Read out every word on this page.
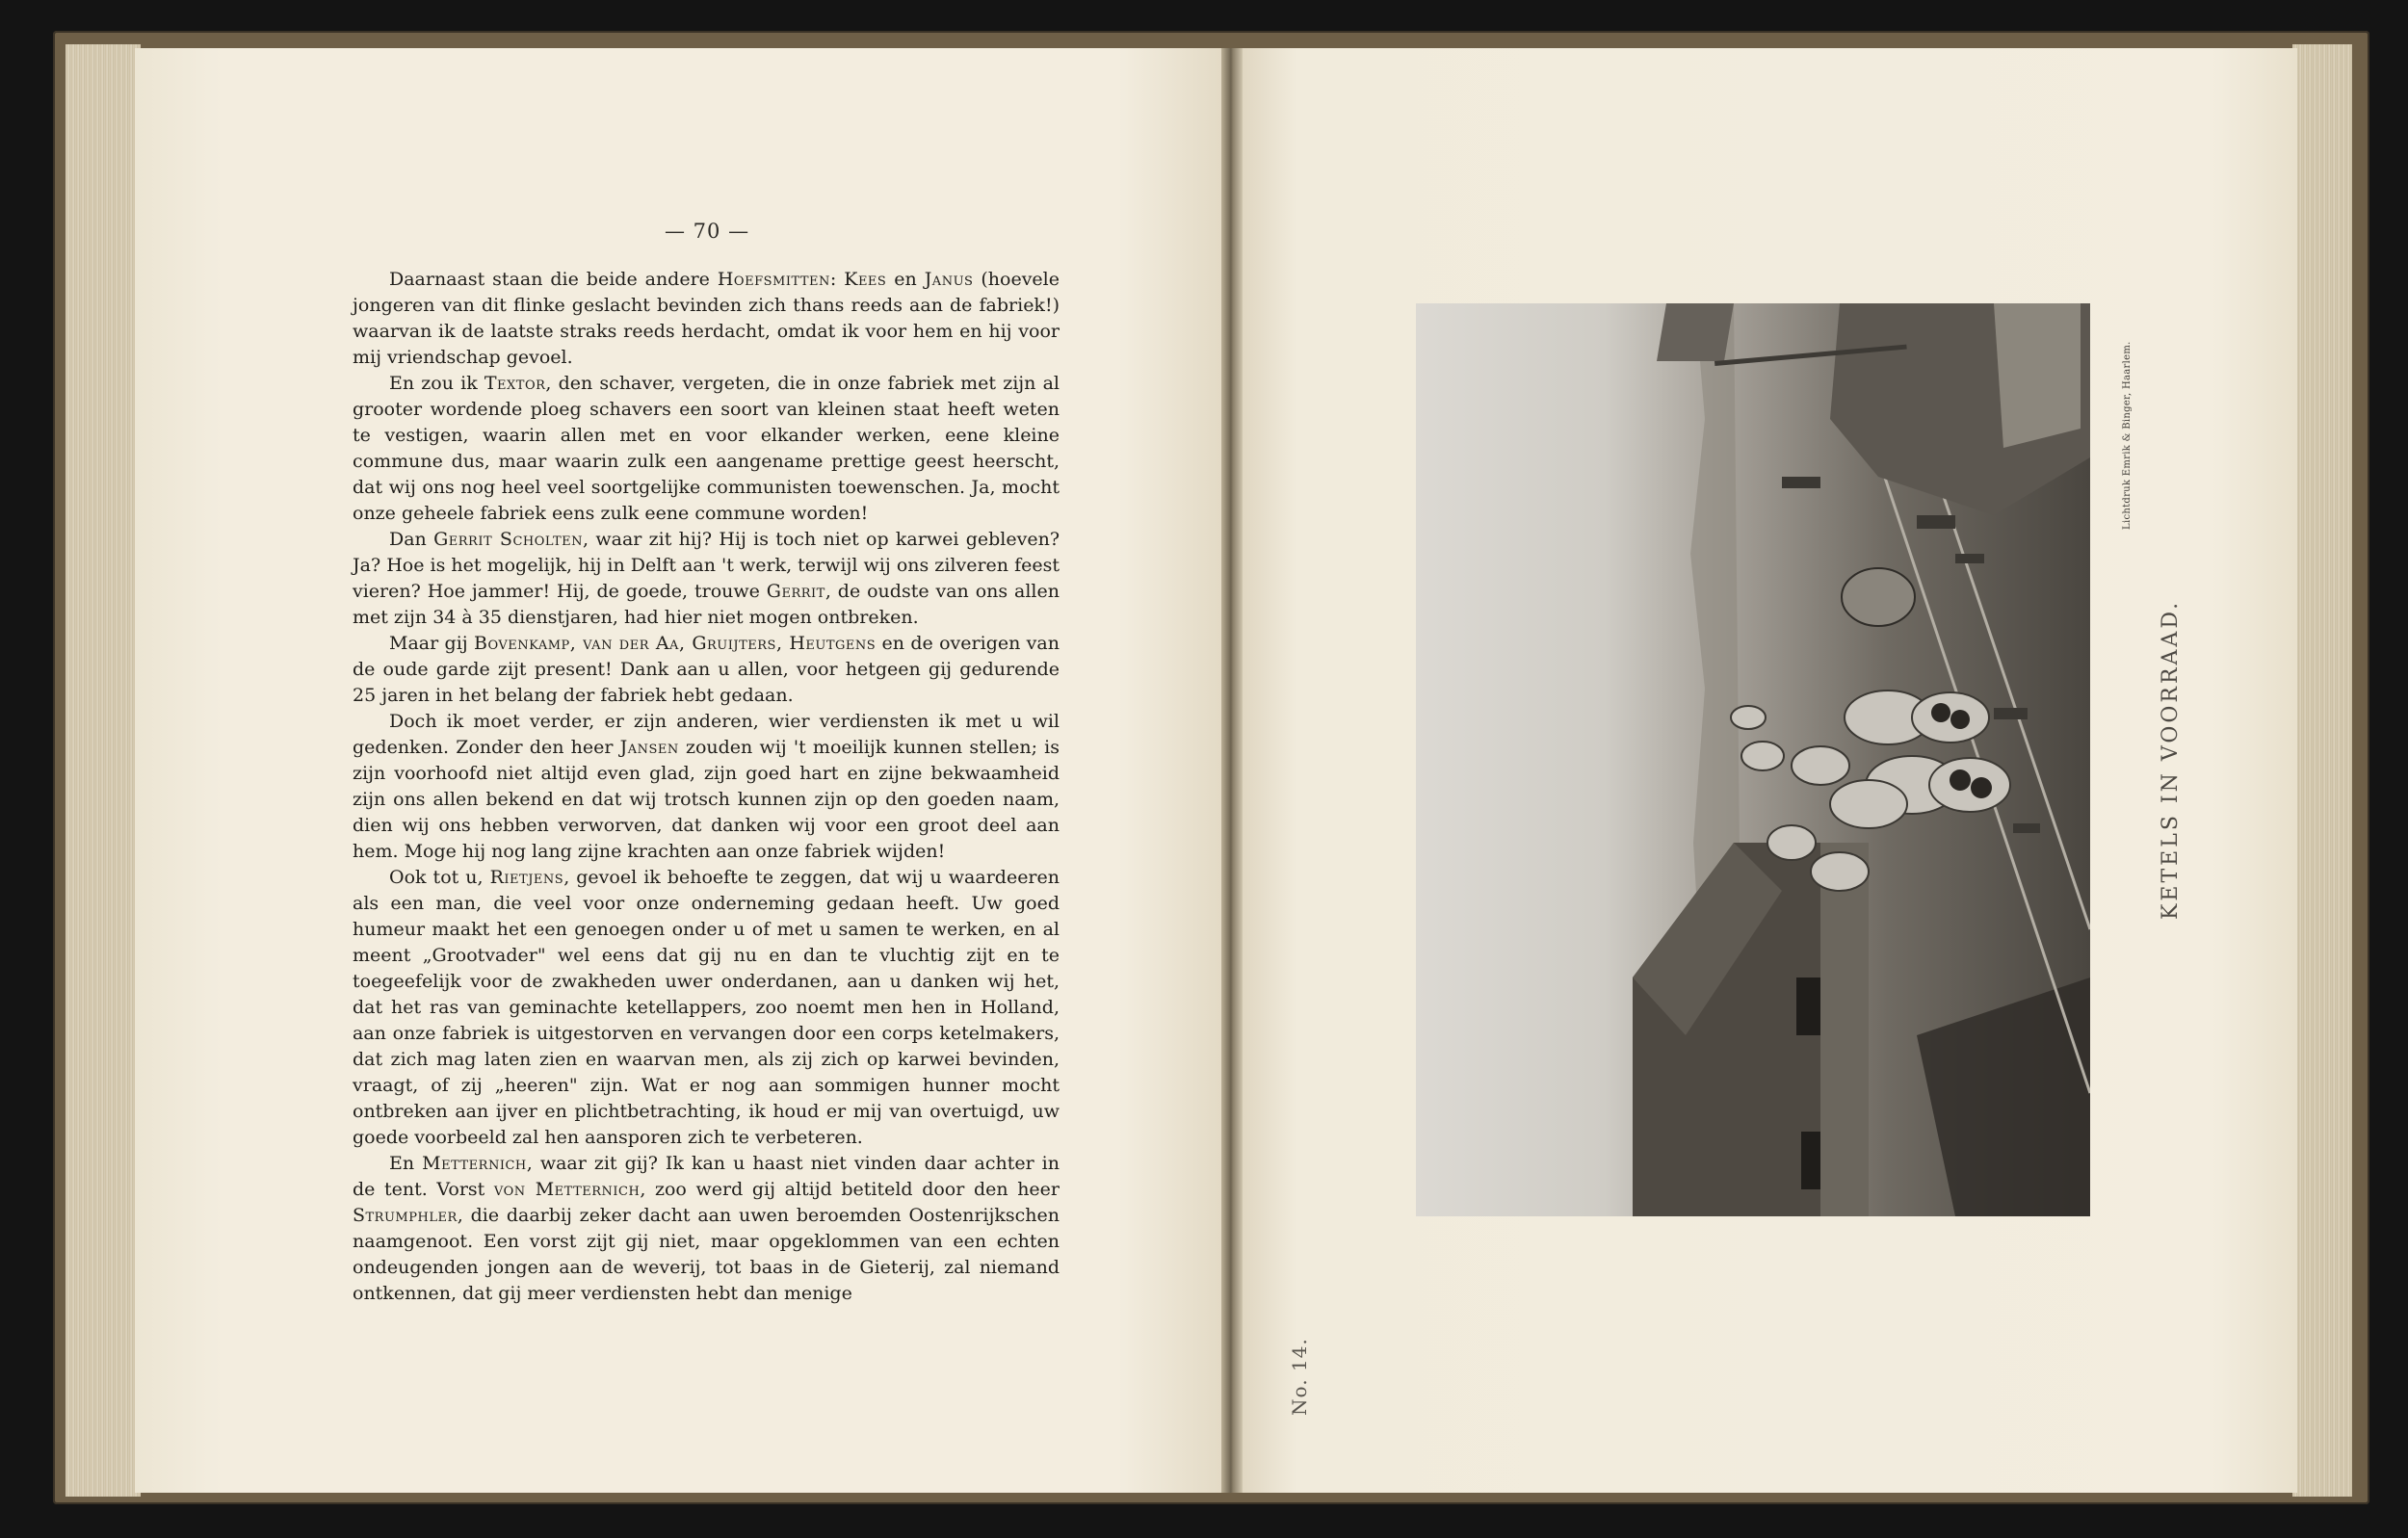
— 70 —

Daarnaast staan die beide andere Hoefsmitten: Kees en Janus (hoevele jongeren van dit flinke geslacht bevinden zich thans reeds aan de fabriek!) waarvan ik de laatste straks reeds herdacht, omdat ik voor hem en hij voor mij vriendschap gevoel.

En zou ik Textor, den schaver, vergeten, die in onze fabriek met zijn al grooter wordende ploeg schavers een soort van kleinen staat heeft weten te vestigen, waarin allen met en voor elkander werken, eene kleine commune dus, maar waarin zulk een aangename prettige geest heerscht, dat wij ons nog heel veel soortgelijke communisten toewenschen. Ja, mocht onze geheele fabriek eens zulk eene commune worden!

Dan Gerrit Scholten, waar zit hij? Hij is toch niet op karwei gebleven? Ja? Hoe is het mogelijk, hij in Delft aan 't werk, terwijl wij ons zilveren feest vieren? Hoe jammer! Hij, de goede, trouwe Gerrit, de oudste van ons allen met zijn 34 à 35 dienstjaren, had hier niet mogen ontbreken.

Maar gij Bovenkamp, van der Aa, Gruijters, Heutgens en de overigen van de oude garde zijt present! Dank aan u allen, voor hetgeen gij gedurende 25 jaren in het belang der fabriek hebt gedaan.

Doch ik moet verder, er zijn anderen, wier verdiensten ik met u wil gedenken. Zonder den heer Jansen zouden wij 't moeilijk kunnen stellen; is zijn voorhoofd niet altijd even glad, zijn goed hart en zijne bekwaamheid zijn ons allen bekend en dat wij trotsch kunnen zijn op den goeden naam, dien wij ons hebben verworven, dat danken wij voor een groot deel aan hem. Moge hij nog lang zijne krachten aan onze fabriek wijden!

Ook tot u, Rietjens, gevoel ik behoefte te zeggen, dat wij u waardeeren als een man, die veel voor onze onderneming gedaan heeft. Uw goed humeur maakt het een genoegen onder u of met u samen te werken, en al meent „Grootvader" wel eens dat gij nu en dan te vluchtig zijt en te toegeefelijk voor de zwakheden uwer onderdanen, aan u danken wij het, dat het ras van geminachte ketellappers, zoo noemt men hen in Holland, aan onze fabriek is uitgestorven en vervangen door een corps ketelmakers, dat zich mag laten zien en waarvan men, als zij zich op karwei bevinden, vraagt, of zij „heeren" zijn. Wat er nog aan sommigen hunner mocht ontbreken aan ijver en plichtbetrachting, ik houd er mij van overtuigd, uw goede voorbeeld zal hen aansporen zich te verbeteren.

En Metternich, waar zit gij? Ik kan u haast niet vinden daar achter in de tent. Vorst von Metternich, zoo werd gij altijd betiteld door den heer Strumphler, die daarbij zeker dacht aan uwen beroemden Oostenrijkschen naamgenoot. Een vorst zijt gij niet, maar opgeklommen van een echten ondeugenden jongen aan de weverij, tot baas in de Gieterij, zal niemand ontkennen, dat gij meer verdiensten hebt dan menige

Lichtdruk Emrik & Binger, Haarlem.
KETELS IN VOORRAAD.
No. 14.
